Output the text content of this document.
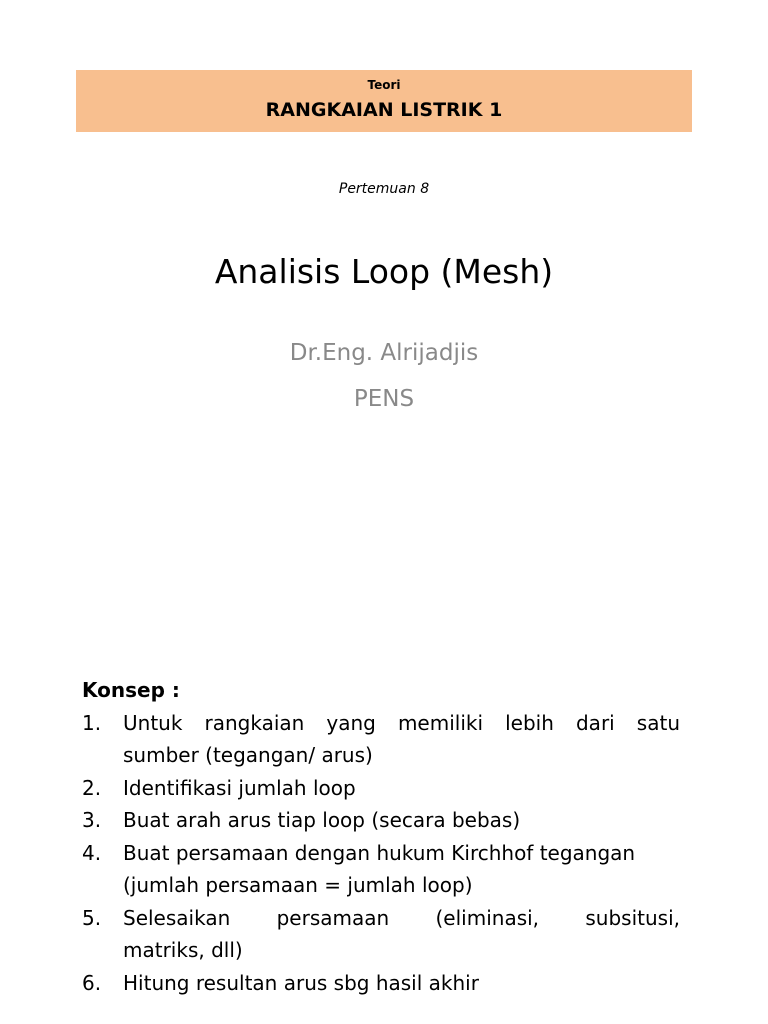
Teori
RANGKAIAN LISTRIK 1
Pertemuan 8
Analisis Loop (Mesh)
Dr.Eng. Alrijadjis
PENS
Konsep :
1. Untuk rangkaian yang memiliki lebih dari satu
sumber (tegangan/ arus)
2. Identifikasi jumlah loop
3. Buat arah arus tiap loop (secara bebas)
4. Buat persamaan dengan hukum Kirchhof tegangan
(jumlah persamaan = jumlah loop)
5. Selesaikan persamaan (eliminasi, subsitusi,
matriks, dll)
6. Hitung resultan arus sbg hasil akhir
